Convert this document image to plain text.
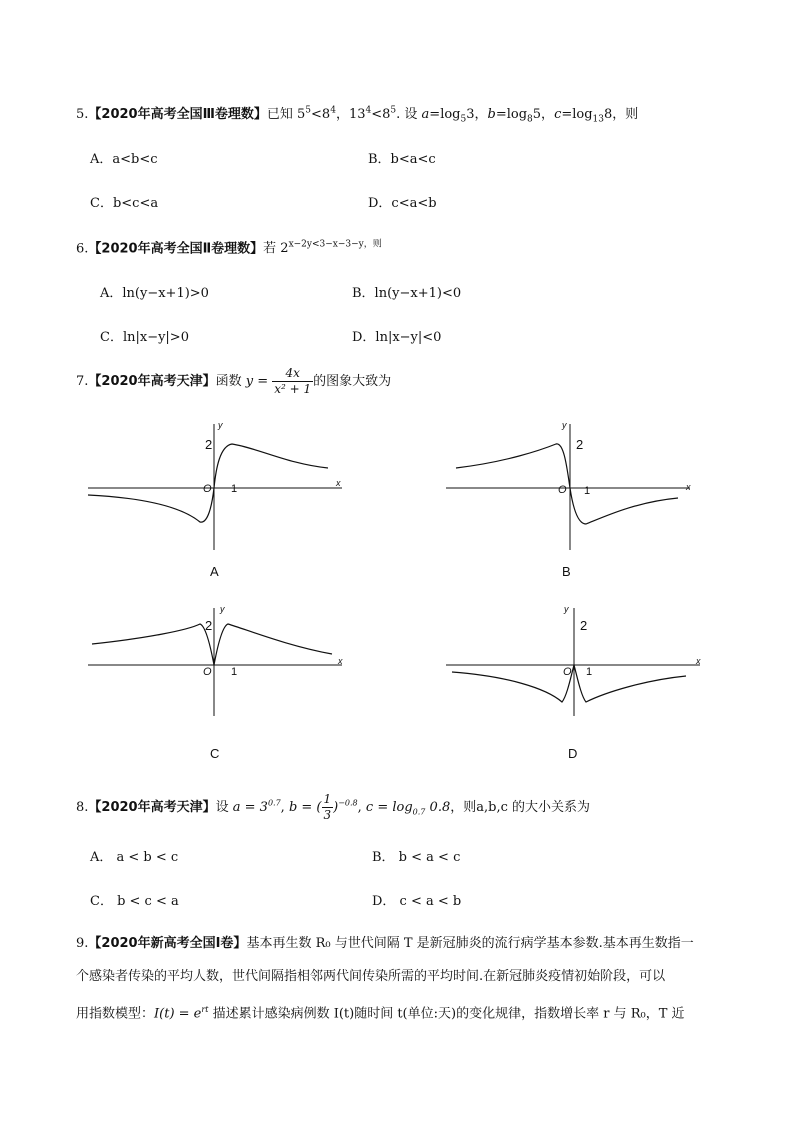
5.【2020年高考全国Ⅲ卷理数】已知 $5^5<8^4$，$13^4<8^5$. 设 $a=\log_53$，$b=\log_85$，$c=\log_{13}8$，则
A．a<b<c	B．b<a<c
C．b<c<a	D．c<a<b
6.【2020年高考全国Ⅱ卷理数】若 $2^{x-2y<3-x-3-y,则}$
A．ln(y−x+1)>0	B．ln(y−x+1)<0
C．ln|x−y|>0	D．ln|x−y|<0
7.【2020年高考天津】函数 $y = \frac{4x}{\text{x² + 1}}$ 的图象大致为
2
1
O
y
x
A
2
1
O
y
x
B
2
1
O
y
x
C
2
1
O
y
x
D
8.【2020年高考天津】设 $a = 3^{0.7}$, b = ( $\frac{1}{3} )^{-0.8}$, $c = \log_{0.7} 0.8$，则a,b,c 的大小关系为
A． a < b < c	B． b < a < c
C． b < c < a	D． c < a < b
9.【2020年新高考全国Ⅰ卷】基本再生数 R₀ 与世代间隔 T 是新冠肺炎的流行病学基本参数.基本再生数指一
个感染者传染的平均人数，世代间隔指相邻两代间传染所需的平均时间.在新冠肺炎疫情初始阶段，可以
用指数模型：$I(t) = e^{rt}$ 描述累计感染病例数 I(t)随时间 t(单位:天)的变化规律，指数增长率 r 与 R₀，T 近
